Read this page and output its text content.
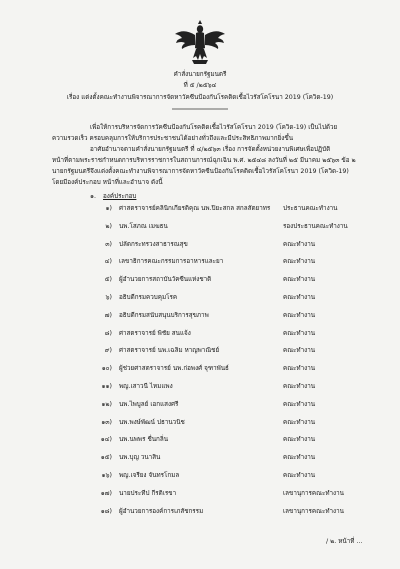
คำสั่งนายกรัฐมนตรี
ที่ ๕ /๒๕๖๔
เรื่อง แต่งตั้งคณะทำงานพิจารณาการจัดหาวัคซีนป้องกันโรคติดเชื้อไวรัสโคโรนา 2019 (โควิด-19)
เพื่อให้การบริหารจัดการวัคซีนป้องกันโรคติดเชื้อไวรัสโคโรนา 2019 (โควิด-19) เป็นไปด้วย
ความรวดเร็ว ครอบคลุมการให้บริการประชาชนได้อย่างทั่วถึงและมีประสิทธิภาพมากยิ่งขึ้น
อาศัยอำนาจตามคำสั่งนายกรัฐมนตรี ที่ ๔/๒๕๖๓ เรื่อง การจัดตั้งหน่วยงานพิเศษเพื่อปฏิบัติ
หน้าที่ตามพระราชกำหนดการบริหารราชการในสถานการณ์ฉุกเฉิน พ.ศ. ๒๕๔๘ ลงวันที่ ๒๕ มีนาคม ๒๕๖๓ ข้อ ๒
นายกรัฐมนตรีจึงแต่งตั้งคณะทำงานพิจารณาการจัดหาวัคซีนป้องกันโรคติดเชื้อไวรัสโคโรนา 2019 (โควิด-19)
โดยมีองค์ประกอบ หน้าที่และอำนาจ ดังนี้
๑. องค์ประกอบ
๑) ศาสตราจารย์คลินิกเกียรติคุณ นพ.ปิยะสกล สกลสัตยาทร ประธานคณะทำงาน
๒) นพ.โสภณ เมฆธน	รองประธานคณะทำงาน
๓) ปลัดกระทรวงสาธารณสุข	คณะทำงาน
๔) เลขาธิการคณะกรรมการอาหารและยา	คณะทำงาน
๕) ผู้อำนวยการสถาบันวัคซีนแห่งชาติ	คณะทำงาน
๖) อธิบดีกรมควบคุมโรค	คณะทำงาน
๗) อธิบดีกรมสนับสนุนบริการสุขภาพ	คณะทำงาน
๘) ศาสตราจารย์ พิชัย สนแจ้ง	คณะทำงาน
๙) ศาสตราจารย์ นพ.เฉลิม หาญพาณิชย์	คณะทำงาน
๑๐) ผู้ช่วยศาสตราจารย์ นพ.ก่อพงศ์ จุฑาพันธ์	คณะทำงาน
๑๑) พญ.เสาวนี ไหมแพง	คณะทำงาน
๑๒) นพ.ไพบูลย์ เอกแสงศรี	คณะทำงาน
๑๓) นพ.พงษ์พัฒน์ ปธานวนิช	คณะทำงาน
๑๔) นพ.นพพร ชื่นกลิ่น	คณะทำงาน
๑๕) นพ.บุญ วนาสิน	คณะทำงาน
๑๖) พญ.เจรียง จันทรโกมล	คณะทำงาน
๑๗) นายประทีป กีรติเรขา	เลขานุการคณะทำงาน
๑๘) ผู้อำนวยการองค์การเภสัชกรรม	เลขานุการคณะทำงาน
/ ๒. หน้าที่ ...
